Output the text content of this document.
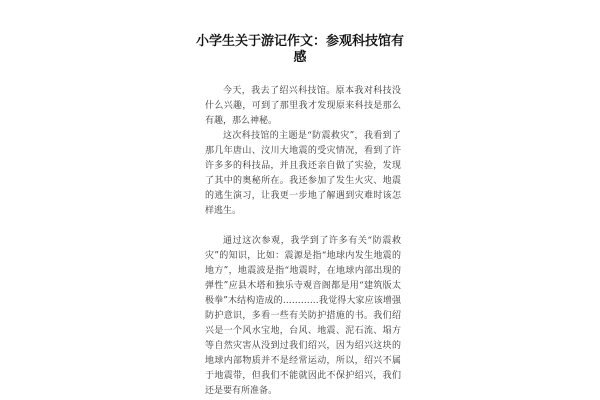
小学生关于游记作文：参观科技馆有感

今天，我去了绍兴科技馆。原本我对科技没什么兴趣，可到了那里我才发现原来科技是那么有趣，那么神秘。

这次科技馆的主题是“防震救灾”，我看到了那几年唐山、汶川大地震的受灾情况，看到了许许多多的科技品，并且我还亲自做了实验，发现了其中的奥秘所在。我还参加了发生火灾、地震的逃生演习，让我更一步地了解遇到灾难时该怎样逃生。

通过这次参观，我学到了许多有关“防震救灾”的知识，比如：震源是指“地球内发生地震的地方”，地震波是指“地震时，在地球内部出现的弹性”应县木塔和独乐寺观音阁都是用“建筑版太极拳”木结构造成的…………我觉得大家应该增强防护意识，多看一些有关防护措施的书。我们绍兴是一个风水宝地，台风、地震、泥石流、塌方等自然灾害从没到过我们绍兴，因为绍兴这块的地球内部物质并不是经常运动，所以，绍兴不属于地震带，但我们不能就因此不保护绍兴，我们还是要有所准备。
